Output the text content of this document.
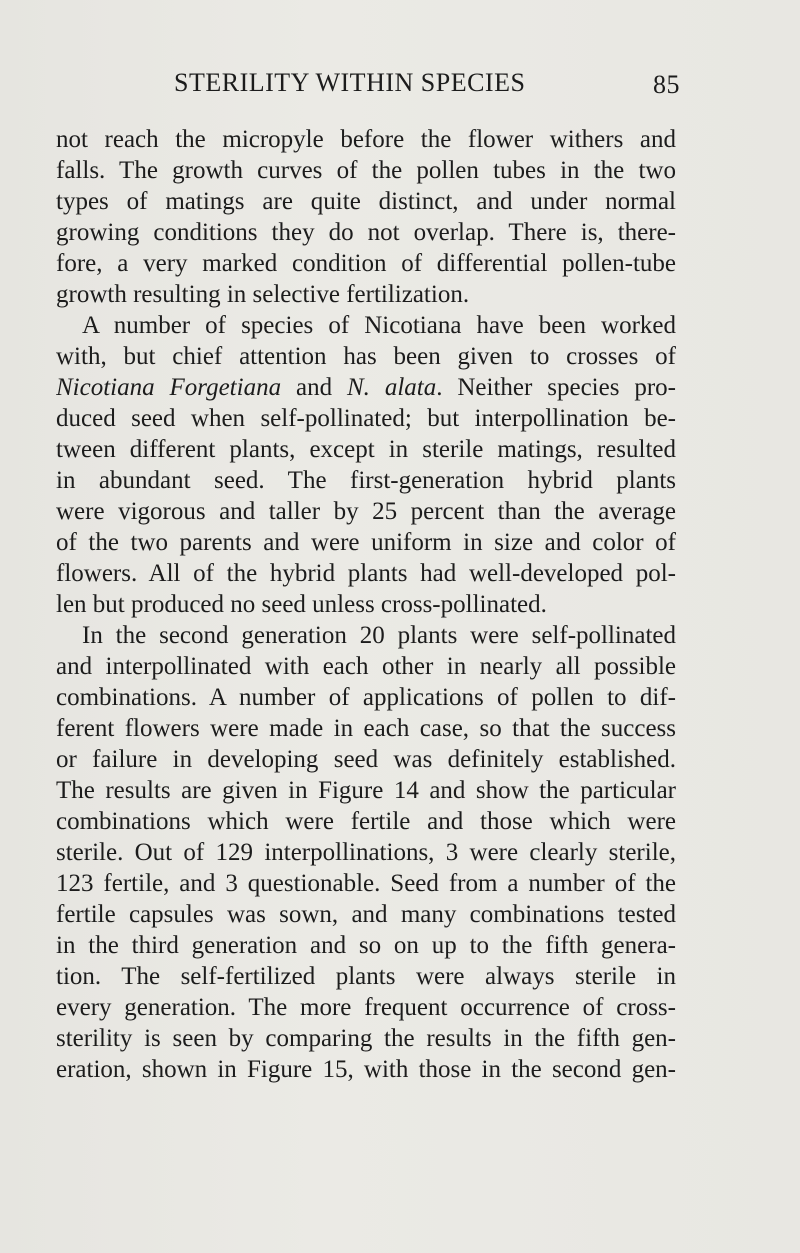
STERILITY WITHIN SPECIES	85
not reach the micropyle before the flower withers and
falls. The growth curves of the pollen tubes in the two
types of matings are quite distinct, and under normal
growing conditions they do not overlap. There is, there-
fore, a very marked condition of differential pollen-tube
growth resulting in selective fertilization.
A number of species of Nicotiana have been worked
with, but chief attention has been given to crosses of
Nicotiana Forgetiana and N. alata. Neither species pro-
duced seed when self-pollinated; but interpollination be-
tween different plants, except in sterile matings, resulted
in abundant seed. The first-generation hybrid plants
were vigorous and taller by 25 percent than the average
of the two parents and were uniform in size and color of
flowers. All of the hybrid plants had well-developed pol-
len but produced no seed unless cross-pollinated.
In the second generation 20 plants were self-pollinated
and interpollinated with each other in nearly all possible
combinations. A number of applications of pollen to dif-
ferent flowers were made in each case, so that the success
or failure in developing seed was definitely established.
The results are given in Figure 14 and show the particular
combinations which were fertile and those which were
sterile. Out of 129 interpollinations, 3 were clearly sterile,
123 fertile, and 3 questionable. Seed from a number of the
fertile capsules was sown, and many combinations tested
in the third generation and so on up to the fifth genera-
tion. The self-fertilized plants were always sterile in
every generation. The more frequent occurrence of cross-
sterility is seen by comparing the results in the fifth gen-
eration, shown in Figure 15, with those in the second gen-
